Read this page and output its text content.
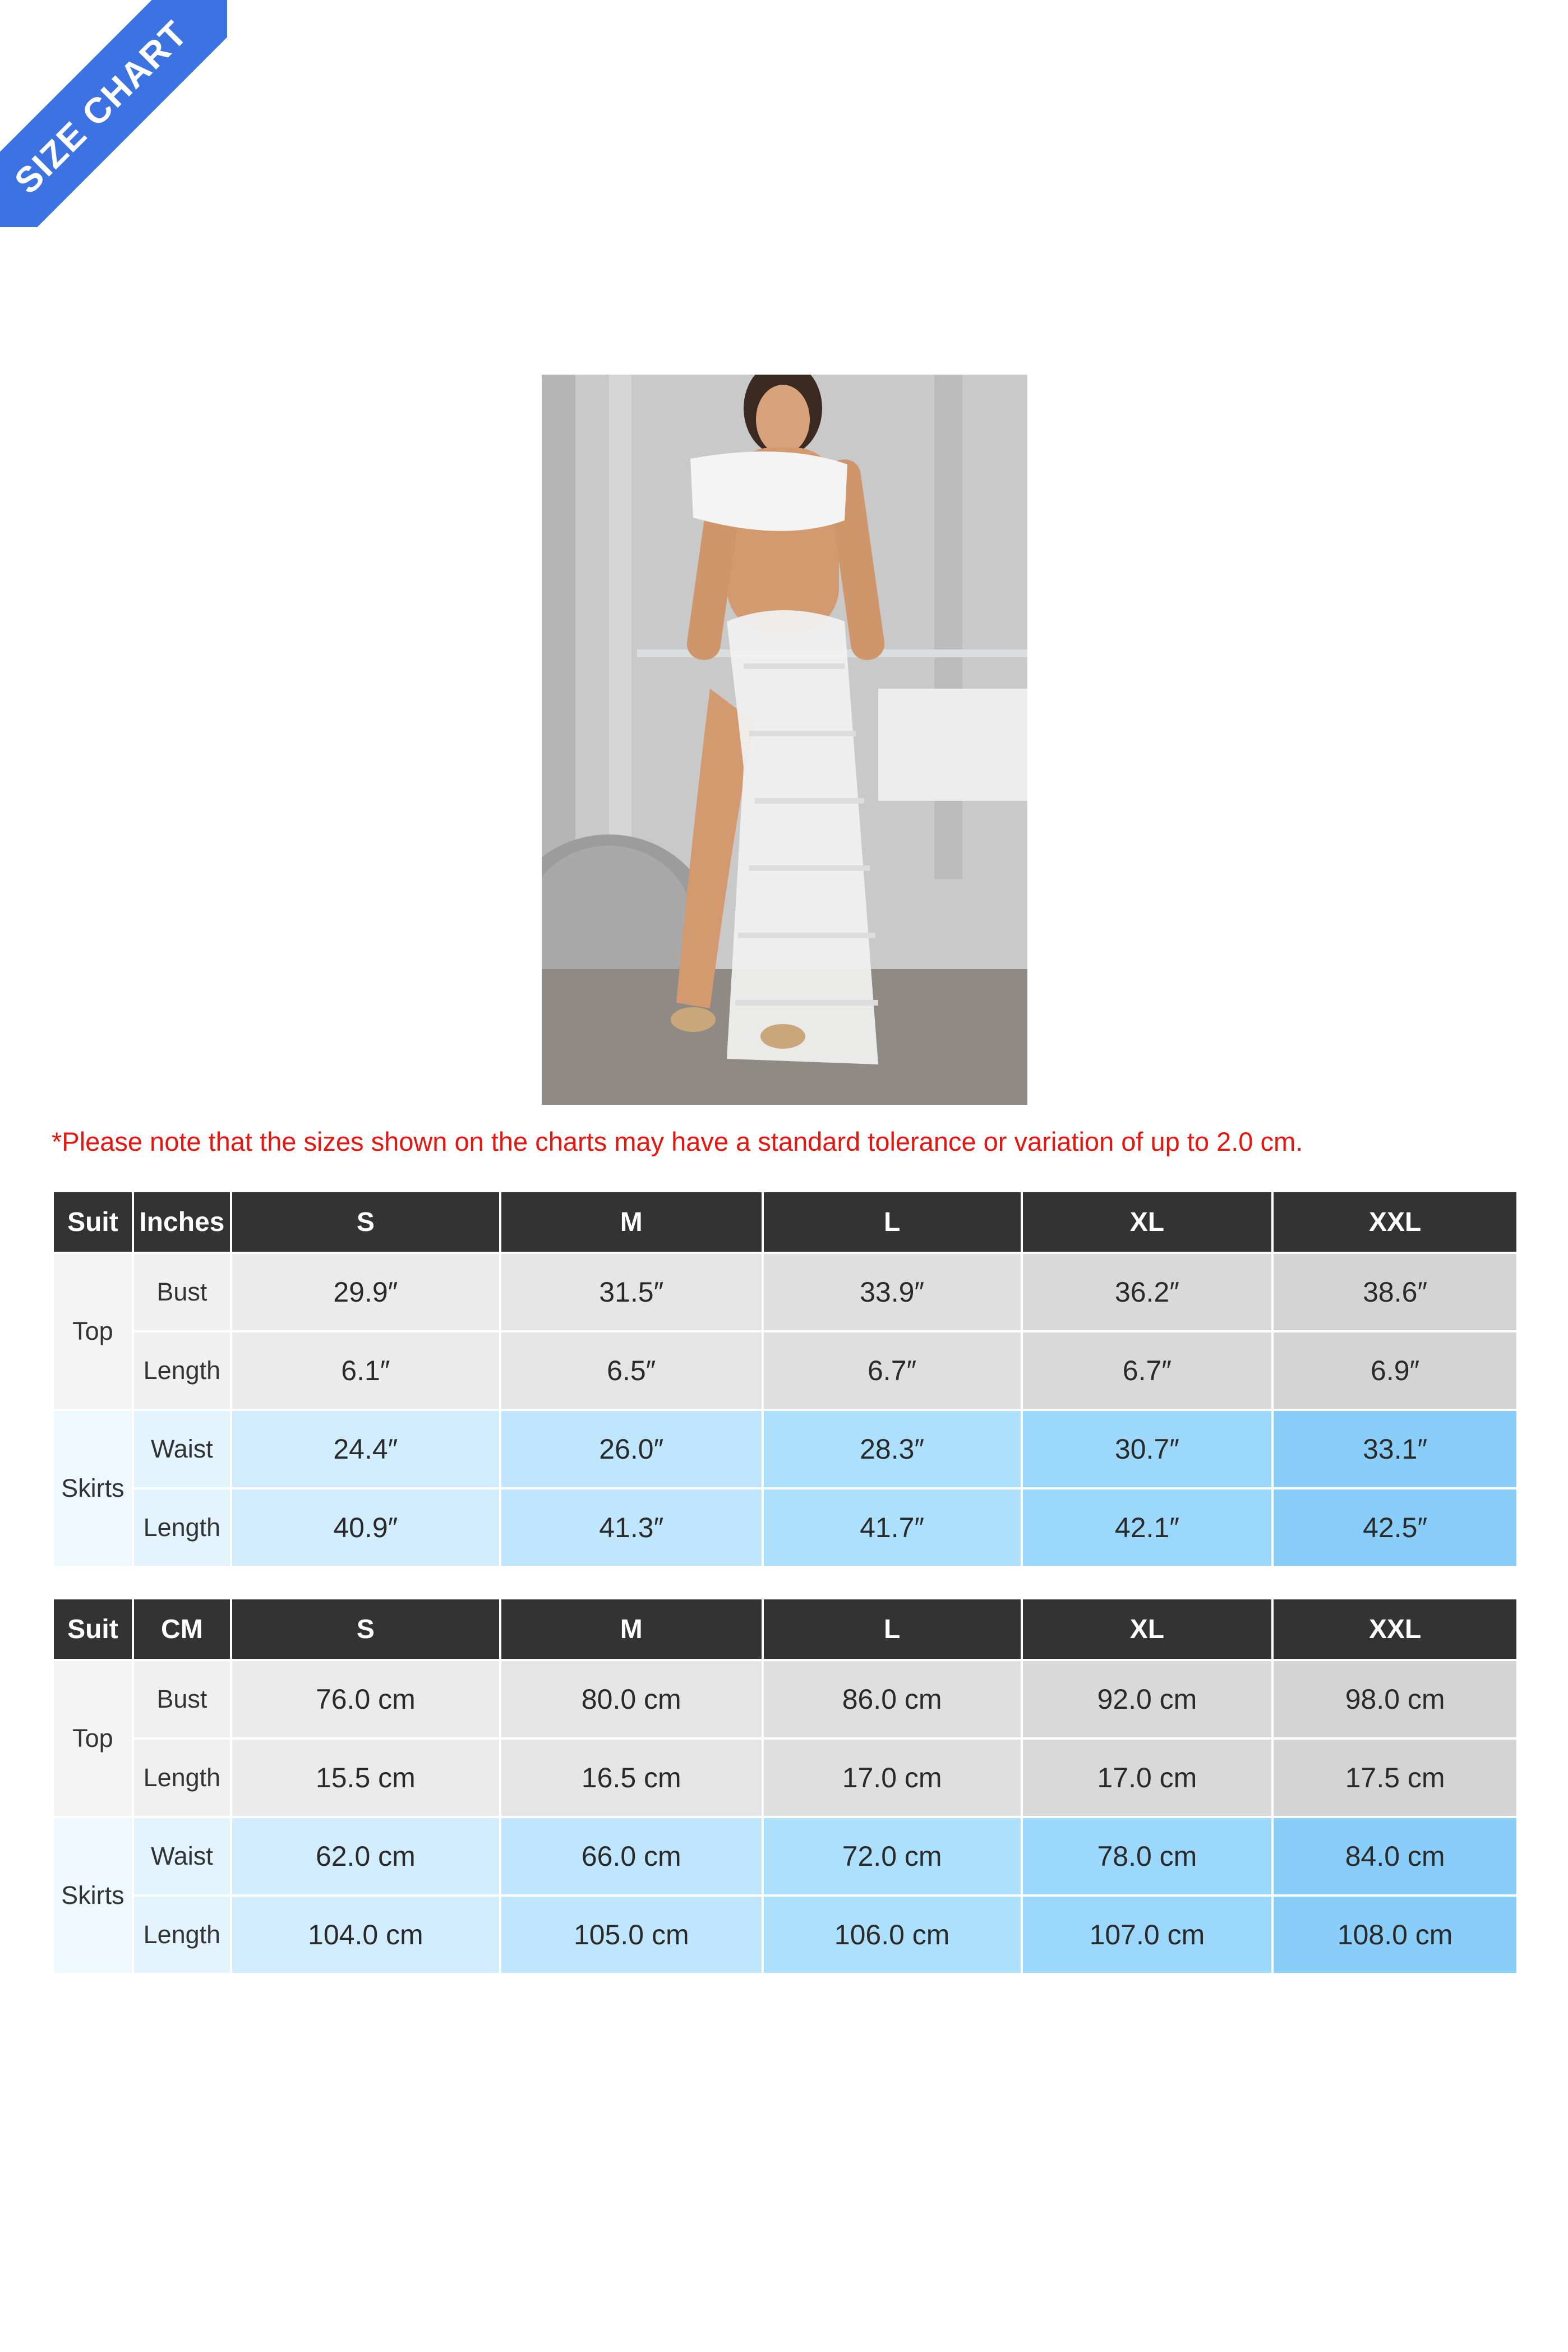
SIZE CHART
*Please note that the sizes shown on the charts may have a standard tolerance or variation of up to 2.0 cm.
Suit	Inches	S	M	L	XL	XXL
Top	Bust	29.9″	31.5″	33.9″	36.2″	38.6″
	Length	6.1″	6.5″	6.7″	6.7″	6.9″
Skirts	Waist	24.4″	26.0″	28.3″	30.7″	33.1″
	Length	40.9″	41.3″	41.7″	42.1″	42.5″
Suit	CM	S	M	L	XL	XXL
Top	Bust	76.0 cm	80.0 cm	86.0 cm	92.0 cm	98.0 cm
	Length	15.5 cm	16.5 cm	17.0 cm	17.0 cm	17.5 cm
Skirts	Waist	62.0 cm	66.0 cm	72.0 cm	78.0 cm	84.0 cm
	Length	104.0 cm	105.0 cm	106.0 cm	107.0 cm	108.0 cm
